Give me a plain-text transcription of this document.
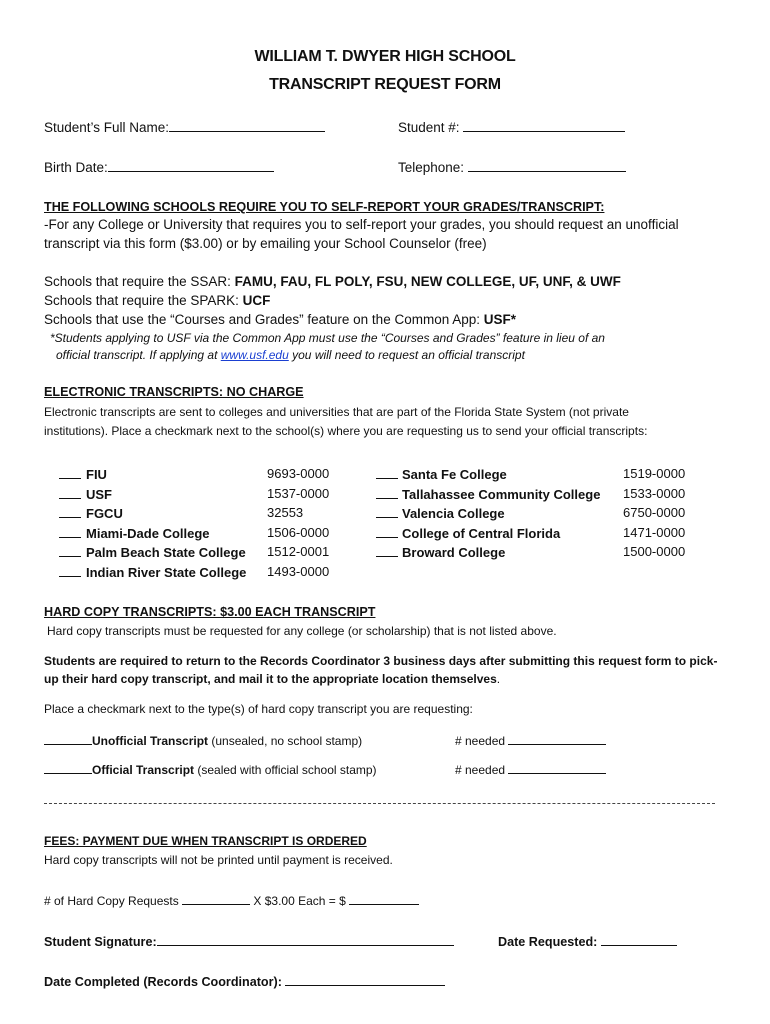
WILLIAM T. DWYER HIGH SCHOOL
TRANSCRIPT REQUEST FORM
Student’s Full Name:	Student #:
Birth Date:	Telephone:
THE FOLLOWING SCHOOLS REQUIRE YOU TO SELF-REPORT YOUR GRADES/TRANSCRIPT:
-For any College or University that requires you to self-report your grades, you should request an unofficial
transcript via this form ($3.00) or by emailing your School Counselor (free)
Schools that require the SSAR: FAMU, FAU, FL POLY, FSU, NEW COLLEGE, UF, UNF, & UWF
Schools that require the SPARK: UCF
Schools that use the “Courses and Grades” feature on the Common App: USF*
*Students applying to USF via the Common App must use the “Courses and Grades” feature in lieu of an
official transcript. If applying at www.usf.edu you will need to request an official transcript
ELECTRONIC TRANSCRIPTS: NO CHARGE
Electronic transcripts are sent to colleges and universities that are part of the Florida State System (not private
institutions). Place a checkmark next to the school(s) where you are requesting us to send your official transcripts:
FIU	9693-0000
USF	1537-0000
FGCU	32553
Miami-Dade College	1506-0000
Palm Beach State College 1512-0001
Indian River State College 1493-0000
Santa Fe College	1519-0000
Tallahassee Community College 1533-0000
Valencia College	6750-0000
College of Central Florida	1471-0000
Broward College	1500-0000
HARD COPY TRANSCRIPTS: $3.00 EACH TRANSCRIPT
Hard copy transcripts must be requested for any college (or scholarship) that is not listed above.
Students are required to return to the Records Coordinator 3 business days after submitting this request form to pick-
up their hard copy transcript, and mail it to the appropriate location themselves.
Place a checkmark next to the type(s) of hard copy transcript you are requesting:
Unofficial Transcript (unsealed, no school stamp)	# needed
Official Transcript (sealed with official school stamp)	# needed
FEES: PAYMENT DUE WHEN TRANSCRIPT IS ORDERED
Hard copy transcripts will not be printed until payment is received.
# of Hard Copy Requests	X $3.00 Each = $
Student Signature:	Date Requested:
Date Completed (Records Coordinator):
